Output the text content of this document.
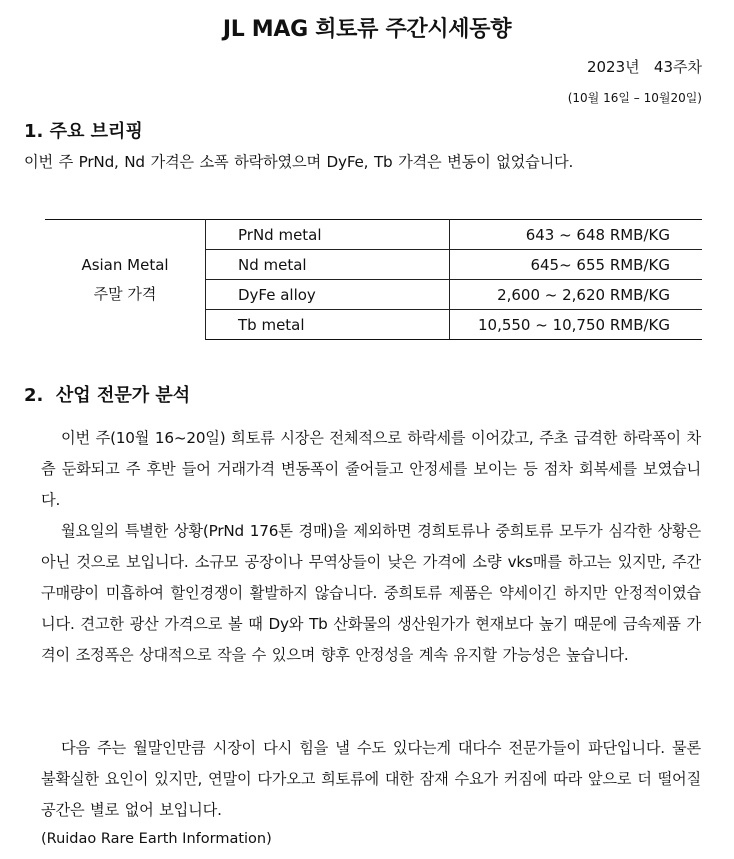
JL MAG 희토류 주간시세동향
2023년   43주차
(10월 16일 – 10월20일)
1. 주요 브리핑
이번 주 PrNd, Nd 가격은 소폭 하락하였으며 DyFe, Tb 가격은 변동이 없었습니다.
Asian Metal
주말 가격	PrNd metal	643 ~ 648 RMB/KG
	Nd metal	645~ 655 RMB/KG
	DyFe alloy	2,600 ~ 2,620 RMB/KG
	Tb metal	10,550 ~ 10,750 RMB/KG
2.  산업 전문가 분석
이번 주(10월 16~20일) 희토류 시장은 전체적으로 하락세를 이어갔고, 주초 급격한 하락폭이 차츰 둔화되고 주 후반 들어 거래가격 변동폭이 줄어들고 안정세를 보이는 등 점차 회복세를 보였습니다.
월요일의 특별한 상황(PrNd 176톤 경매)을 제외하면 경희토류나 중희토류 모두가 심각한 상황은 아닌 것으로 보입니다. 소규모 공장이나 무역상들이 낮은 가격에 소량 vks매를 하고는 있지만, 주간 구매량이 미흡하여 할인경쟁이 활발하지 않습니다. 중희토류 제품은 약세이긴 하지만 안정적이였습니다. 견고한 광산 가격으로 볼 때 Dy와 Tb 산화물의 생산원가가 현재보다 높기 때문에 금속제품 가격이 조정폭은 상대적으로 작을 수 있으며 향후 안정성을 계속 유지할 가능성은 높습니다.
다음 주는 월말인만큼 시장이 다시 힘을 낼 수도 있다는게 대다수 전문가들이 파단입니다. 물론 불확실한 요인이 있지만, 연말이 다가오고 희토류에 대한 잠재 수요가 커짐에 따라 앞으로 더 떨어질 공간은 별로 없어 보입니다.
(Ruidao Rare Earth Information)
